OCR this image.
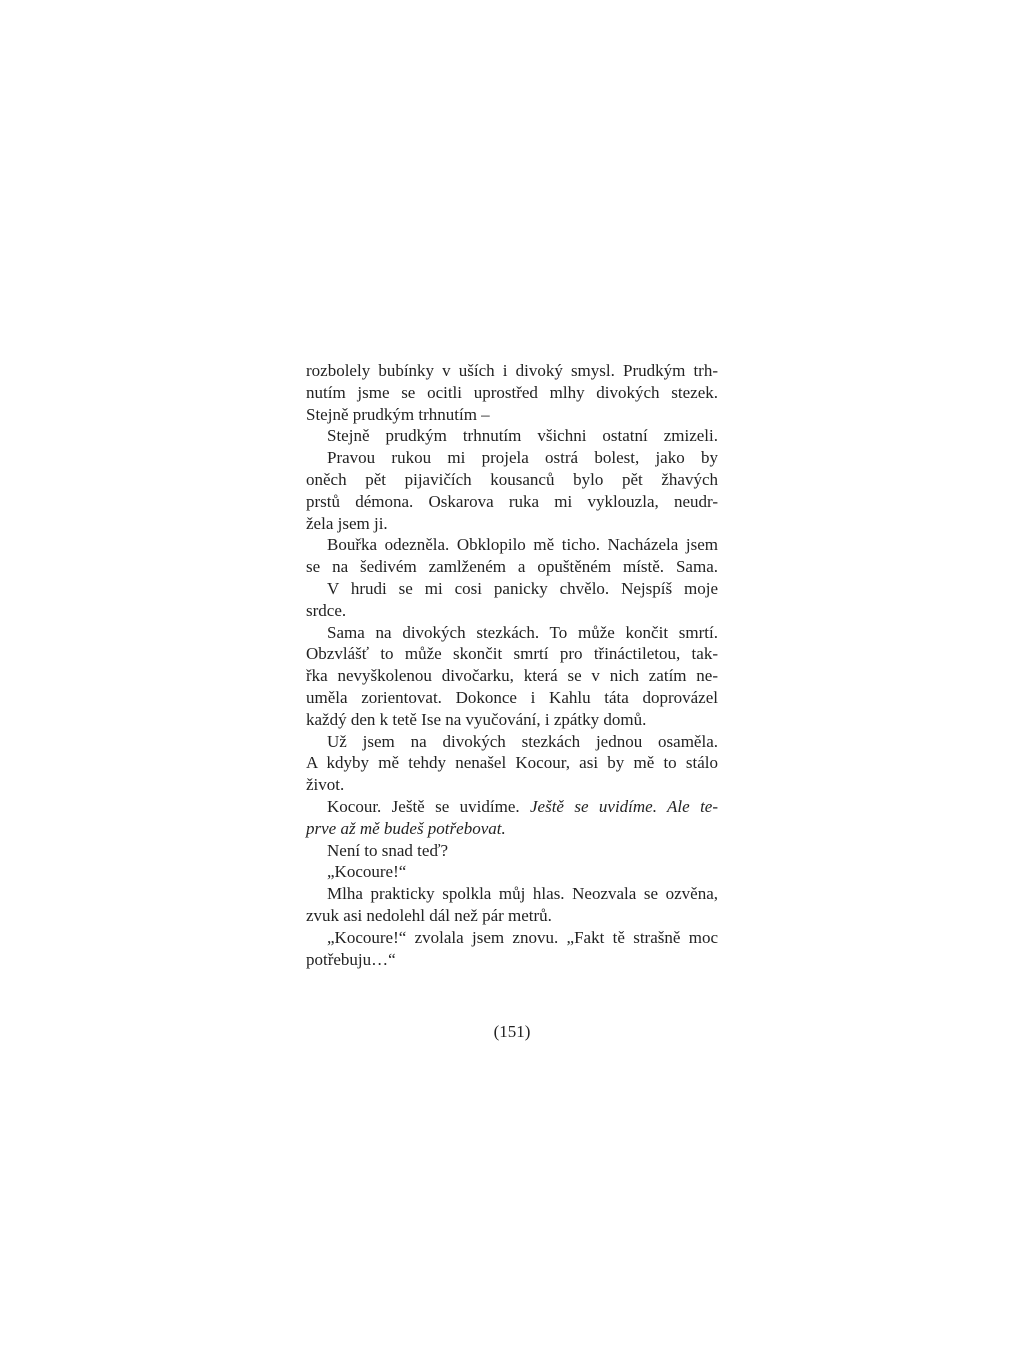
rozbolely bubínky v uších i divoký smysl. Prudkým trh-
nutím jsme se ocitli uprostřed mlhy divokých stezek.
Stejně prudkým trhnutím –
Stejně prudkým trhnutím všichni ostatní zmizeli.
Pravou rukou mi projela ostrá bolest, jako by
oněch pět pijavičích kousanců bylo pět žhavých
prstů démona. Oskarova ruka mi vyklouzla, neudr-
žela jsem ji.
Bouřka odezněla. Obklopilo mě ticho. Nacházela jsem
se na šedivém zamlženém a opuštěném místě. Sama.
V hrudi se mi cosi panicky chvělo. Nejspíš moje
srdce.
Sama na divokých stezkách. To může končit smrtí.
Obzvlášť to může skončit smrtí pro třináctiletou, tak-
řka nevyškolenou divočarku, která se v nich zatím ne-
uměla zorientovat. Dokonce i Kahlu táta doprovázel
každý den k tetě Ise na vyučování, i zpátky domů.
Už jsem na divokých stezkách jednou osaměla.
A kdyby mě tehdy nenašel Kocour, asi by mě to stálo
život.
Kocour. Ještě se uvidíme. Ještě se uvidíme. Ale te-
prve až mě budeš potřebovat.
Není to snad teď?
„Kocoure!“
Mlha prakticky spolkla můj hlas. Neozvala se ozvěna,
zvuk asi nedolehl dál než pár metrů.
„Kocoure!“ zvolala jsem znovu. „Fakt tě strašně moc
potřebuju…“
(151)
